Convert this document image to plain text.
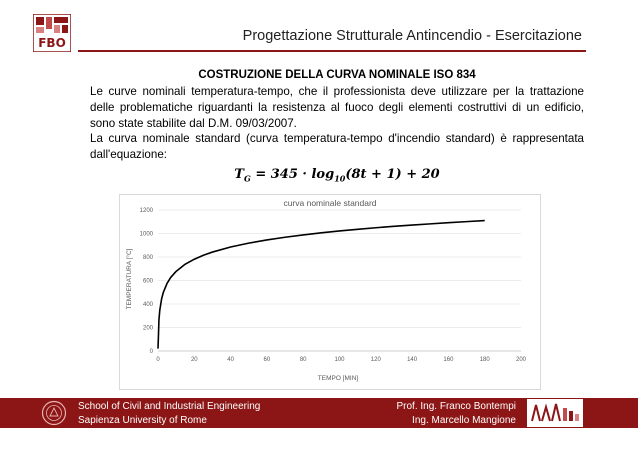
FBO	Progettazione Strutturale Antincendio - Esercitazione
COSTRUZIONE DELLA CURVA NOMINALE ISO 834

Le curve nominali temperatura-tempo, che il professionista deve utilizzare per la trattazione delle problematiche riguardanti la resistenza al fuoco degli elementi costruttivi di un edificio, sono state stabilite dal D.M. 09/03/2007.

La curva nominale standard (curva temperatura-tempo d'incendio standard) è rappresentata dall'equazione:

$T_G = 345 \cdot \log_{10}(8t + 1) + 20$
0
200
400
600
800
1000
1200
0	20	40	60	80	100	120	140	160	180	200
curva nominale standard
TEMPO [MIN]
TEMPERATURA [°C]
School of Civil and Industrial Engineering
Sapienza University of Rome
Prof. Ing. Franco Bontempi
Ing. Marcello Mangione
